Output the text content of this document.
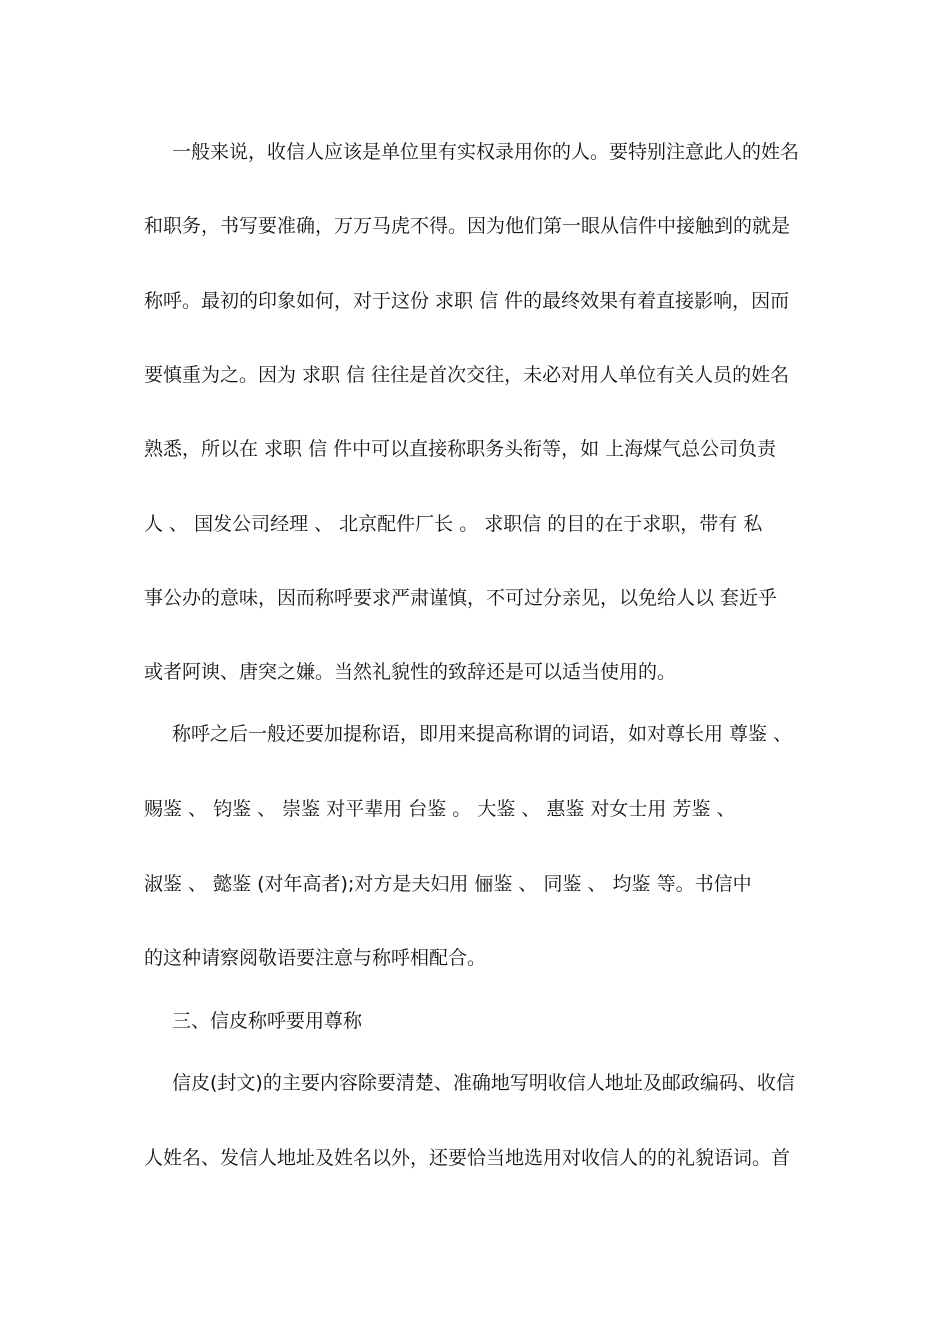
一般来说，收信人应该是单位里有实权录用你的人。要特别注意此人的姓名
和职务，书写要准确，万万马虎不得。因为他们第一眼从信件中接触到的就是
称呼。最初的印象如何，对于这份 求职 信 件的最终效果有着直接影响，因而
要慎重为之。因为 求职 信 往往是首次交往，未必对用人单位有关人员的姓名
熟悉，所以在 求职 信 件中可以直接称职务头衔等，如 上海煤气总公司负责
人 、 国发公司经理 、 北京配件厂长 。 求职信 的目的在于求职，带有 私
事公办的意味，因而称呼要求严肃谨慎，不可过分亲见，以免给人以 套近乎
或者阿谀、唐突之嫌。当然礼貌性的致辞还是可以适当使用的。
称呼之后一般还要加提称语，即用来提高称谓的词语，如对尊长用 尊鉴 、
赐鉴 、 钧鉴 、 崇鉴 对平辈用 台鉴 。 大鉴 、 惠鉴 对女士用 芳鉴 、
淑鉴 、 懿鉴 (对年高者);对方是夫妇用 俪鉴 、 同鉴 、 均鉴 等。书信中
的这种请察阅敬语要注意与称呼相配合。
三、信皮称呼要用尊称
信皮(封文)的主要内容除要清楚、准确地写明收信人地址及邮政编码、收信
人姓名、发信人地址及姓名以外，还要恰当地选用对收信人的的礼貌语词。首
